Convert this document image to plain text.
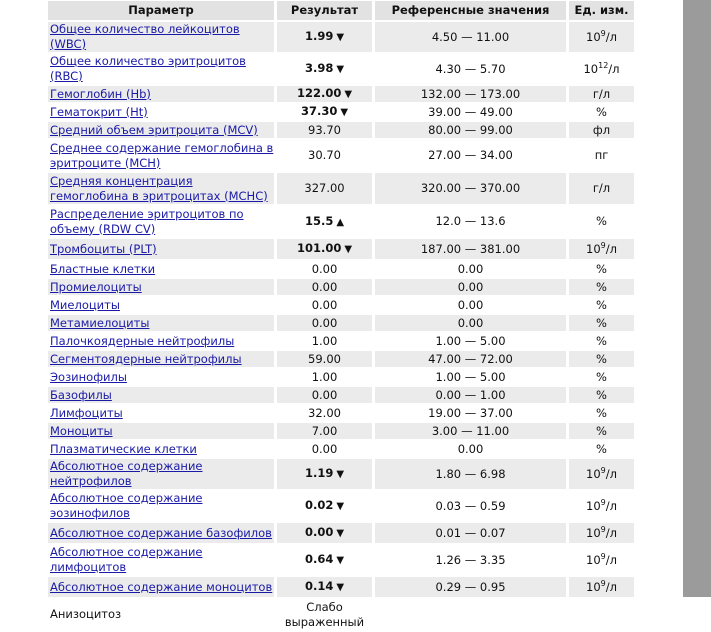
Параметр	Результат	Референсные значения	Ед. изм.
Общее количество лейкоцитов (WBC)	1.99 ▼	4.50 — 11.00	$10^9/л$
Общее количество эритроцитов (RBC)	3.98 ▼	4.30 — 5.70	$10^{12}/л$
Гемоглобин (Hb)	122.00 ▼	132.00 — 173.00	г/л
Гематокрит (Ht)	37.30 ▼	39.00 — 49.00	%
Средний объем эритроцита (MCV)	93.70	80.00 — 99.00	фл
Среднее содержание гемоглобина в эритроците (MCH)	30.70	27.00 — 34.00	пг
Средняя концентрация гемоглобина в эритроцитах (MCHC)	327.00	320.00 — 370.00	г/л
Распределение эритроцитов по объему (RDW CV)	15.5 ▲	12.0 — 13.6	%
Тромбоциты (PLT)	101.00 ▼	187.00 — 381.00	$10^9/л$
Бластные клетки	0.00	0.00	%
Промиелоциты	0.00	0.00	%
Миелоциты	0.00	0.00	%
Метамиелоциты	0.00	0.00	%
Палочкоядерные нейтрофилы	1.00	1.00 — 5.00	%
Сегментоядерные нейтрофилы	59.00	47.00 — 72.00	%
Эозинофилы	1.00	1.00 — 5.00	%
Базофилы	0.00	0.00 — 1.00	%
Лимфоциты	32.00	19.00 — 37.00	%
Моноциты	7.00	3.00 — 11.00	%
Плазматические клетки	0.00	0.00	%
Абсолютное содержание нейтрофилов	1.19 ▼	1.80 — 6.98	$10^9/л$
Абсолютное содержание эозинофилов	0.02 ▼	0.03 — 0.59	$10^9/л$
Абсолютное содержание базофилов	0.00 ▼	0.01 — 0.07	$10^9/л$
Абсолютное содержание лимфоцитов	0.64 ▼	1.26 — 3.35	$10^9/л$
Абсолютное содержание моноцитов	0.14 ▼	0.29 — 0.95	$10^9/л$
Анизоцитоз	Слабо выраженный		
